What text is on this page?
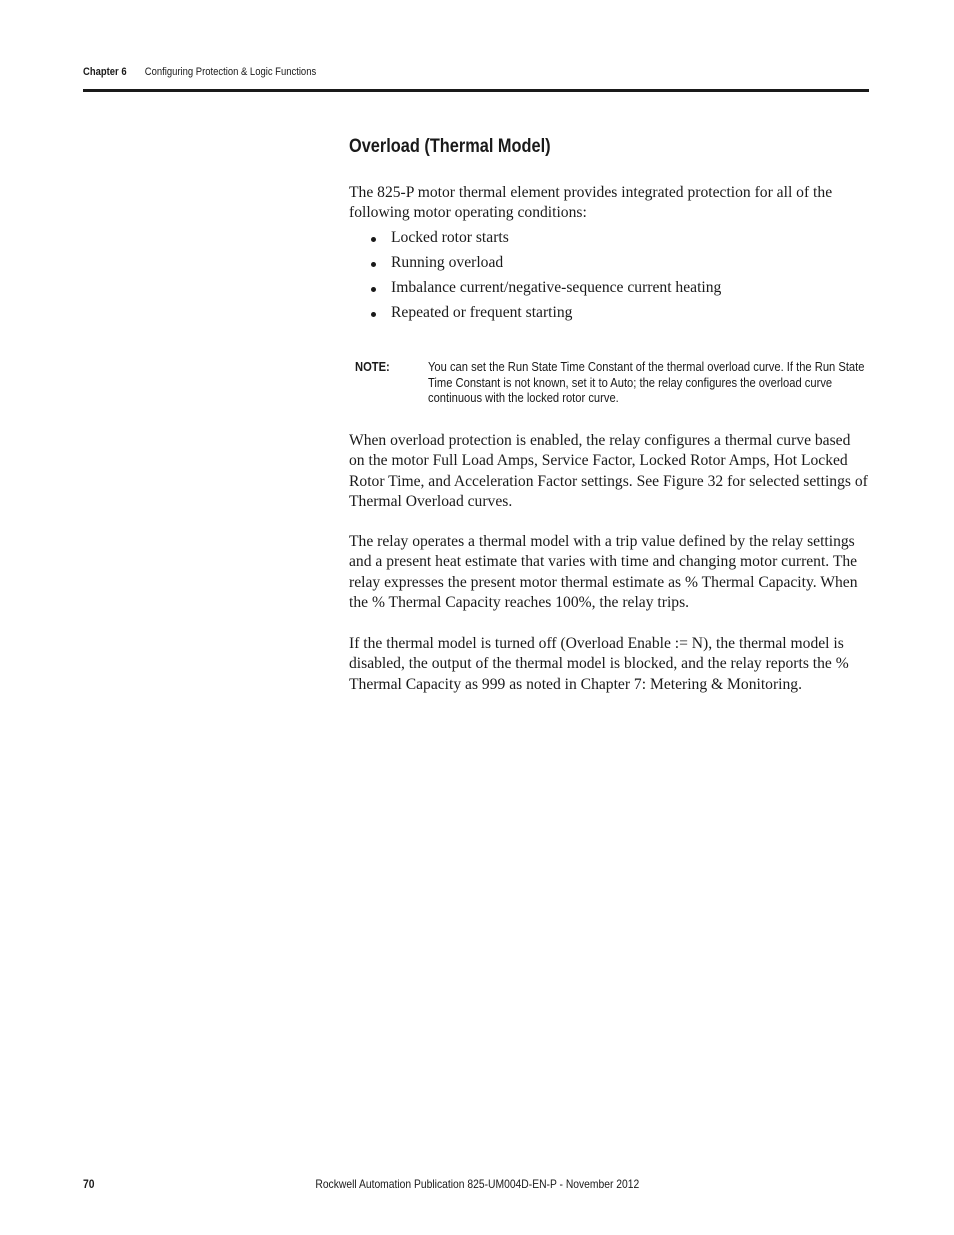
Chapter 6 Configuring Protection & Logic Functions
Overload (Thermal Model)

The 825-P motor thermal element provides integrated protection for all of the following motor operating conditions:

Locked rotor starts
Running overload
Imbalance current/negative-sequence current heating
Repeated or frequent starting
NOTE:	You can set the Run State Time Constant of the thermal overload curve. If the Run State Time Constant is not known, set it to Auto; the relay configures the overload curve continuous with the locked rotor curve.

When overload protection is enabled, the relay configures a thermal curve based on the motor Full Load Amps, Service Factor, Locked Rotor Amps, Hot Locked Rotor Time, and Acceleration Factor settings. See Figure 32 for selected settings of Thermal Overload curves.

The relay operates a thermal model with a trip value defined by the relay settings and a present heat estimate that varies with time and changing motor current. The relay expresses the present motor thermal estimate as % Thermal Capacity. When the % Thermal Capacity reaches 100%, the relay trips.

If the thermal model is turned off (Overload Enable := N), the thermal model is disabled, the output of the thermal model is blocked, and the relay reports the % Thermal Capacity as 999 as noted in Chapter 7: Metering & Monitoring.

70	Rockwell Automation Publication 825-UM004D-EN-P - November 2012
